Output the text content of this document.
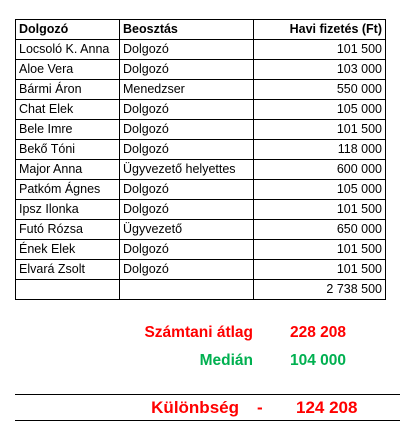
Dolgozó	Beosztás	Havi fizetés (Ft)
Locsoló K. Anna	Dolgozó	101 500
Aloe Vera	Dolgozó	103 000
Bármi Áron	Menedzser	550 000
Chat Elek	Dolgozó	105 000
Bele Imre	Dolgozó	101 500
Bekő Tóni	Dolgozó	118 000
Major Anna	Ügyvezető helyettes	600 000
Patkóm Ágnes	Dolgozó	105 000
Ipsz Ilonka	Dolgozó	101 500
Futó Rózsa	Ügyvezető	650 000
Ének Elek	Dolgozó	101 500
Elvará Zsolt	Dolgozó	101 500
		2 738 500
Számtani átlag 228 208
Medián 104 000
Különbség - 124 208
